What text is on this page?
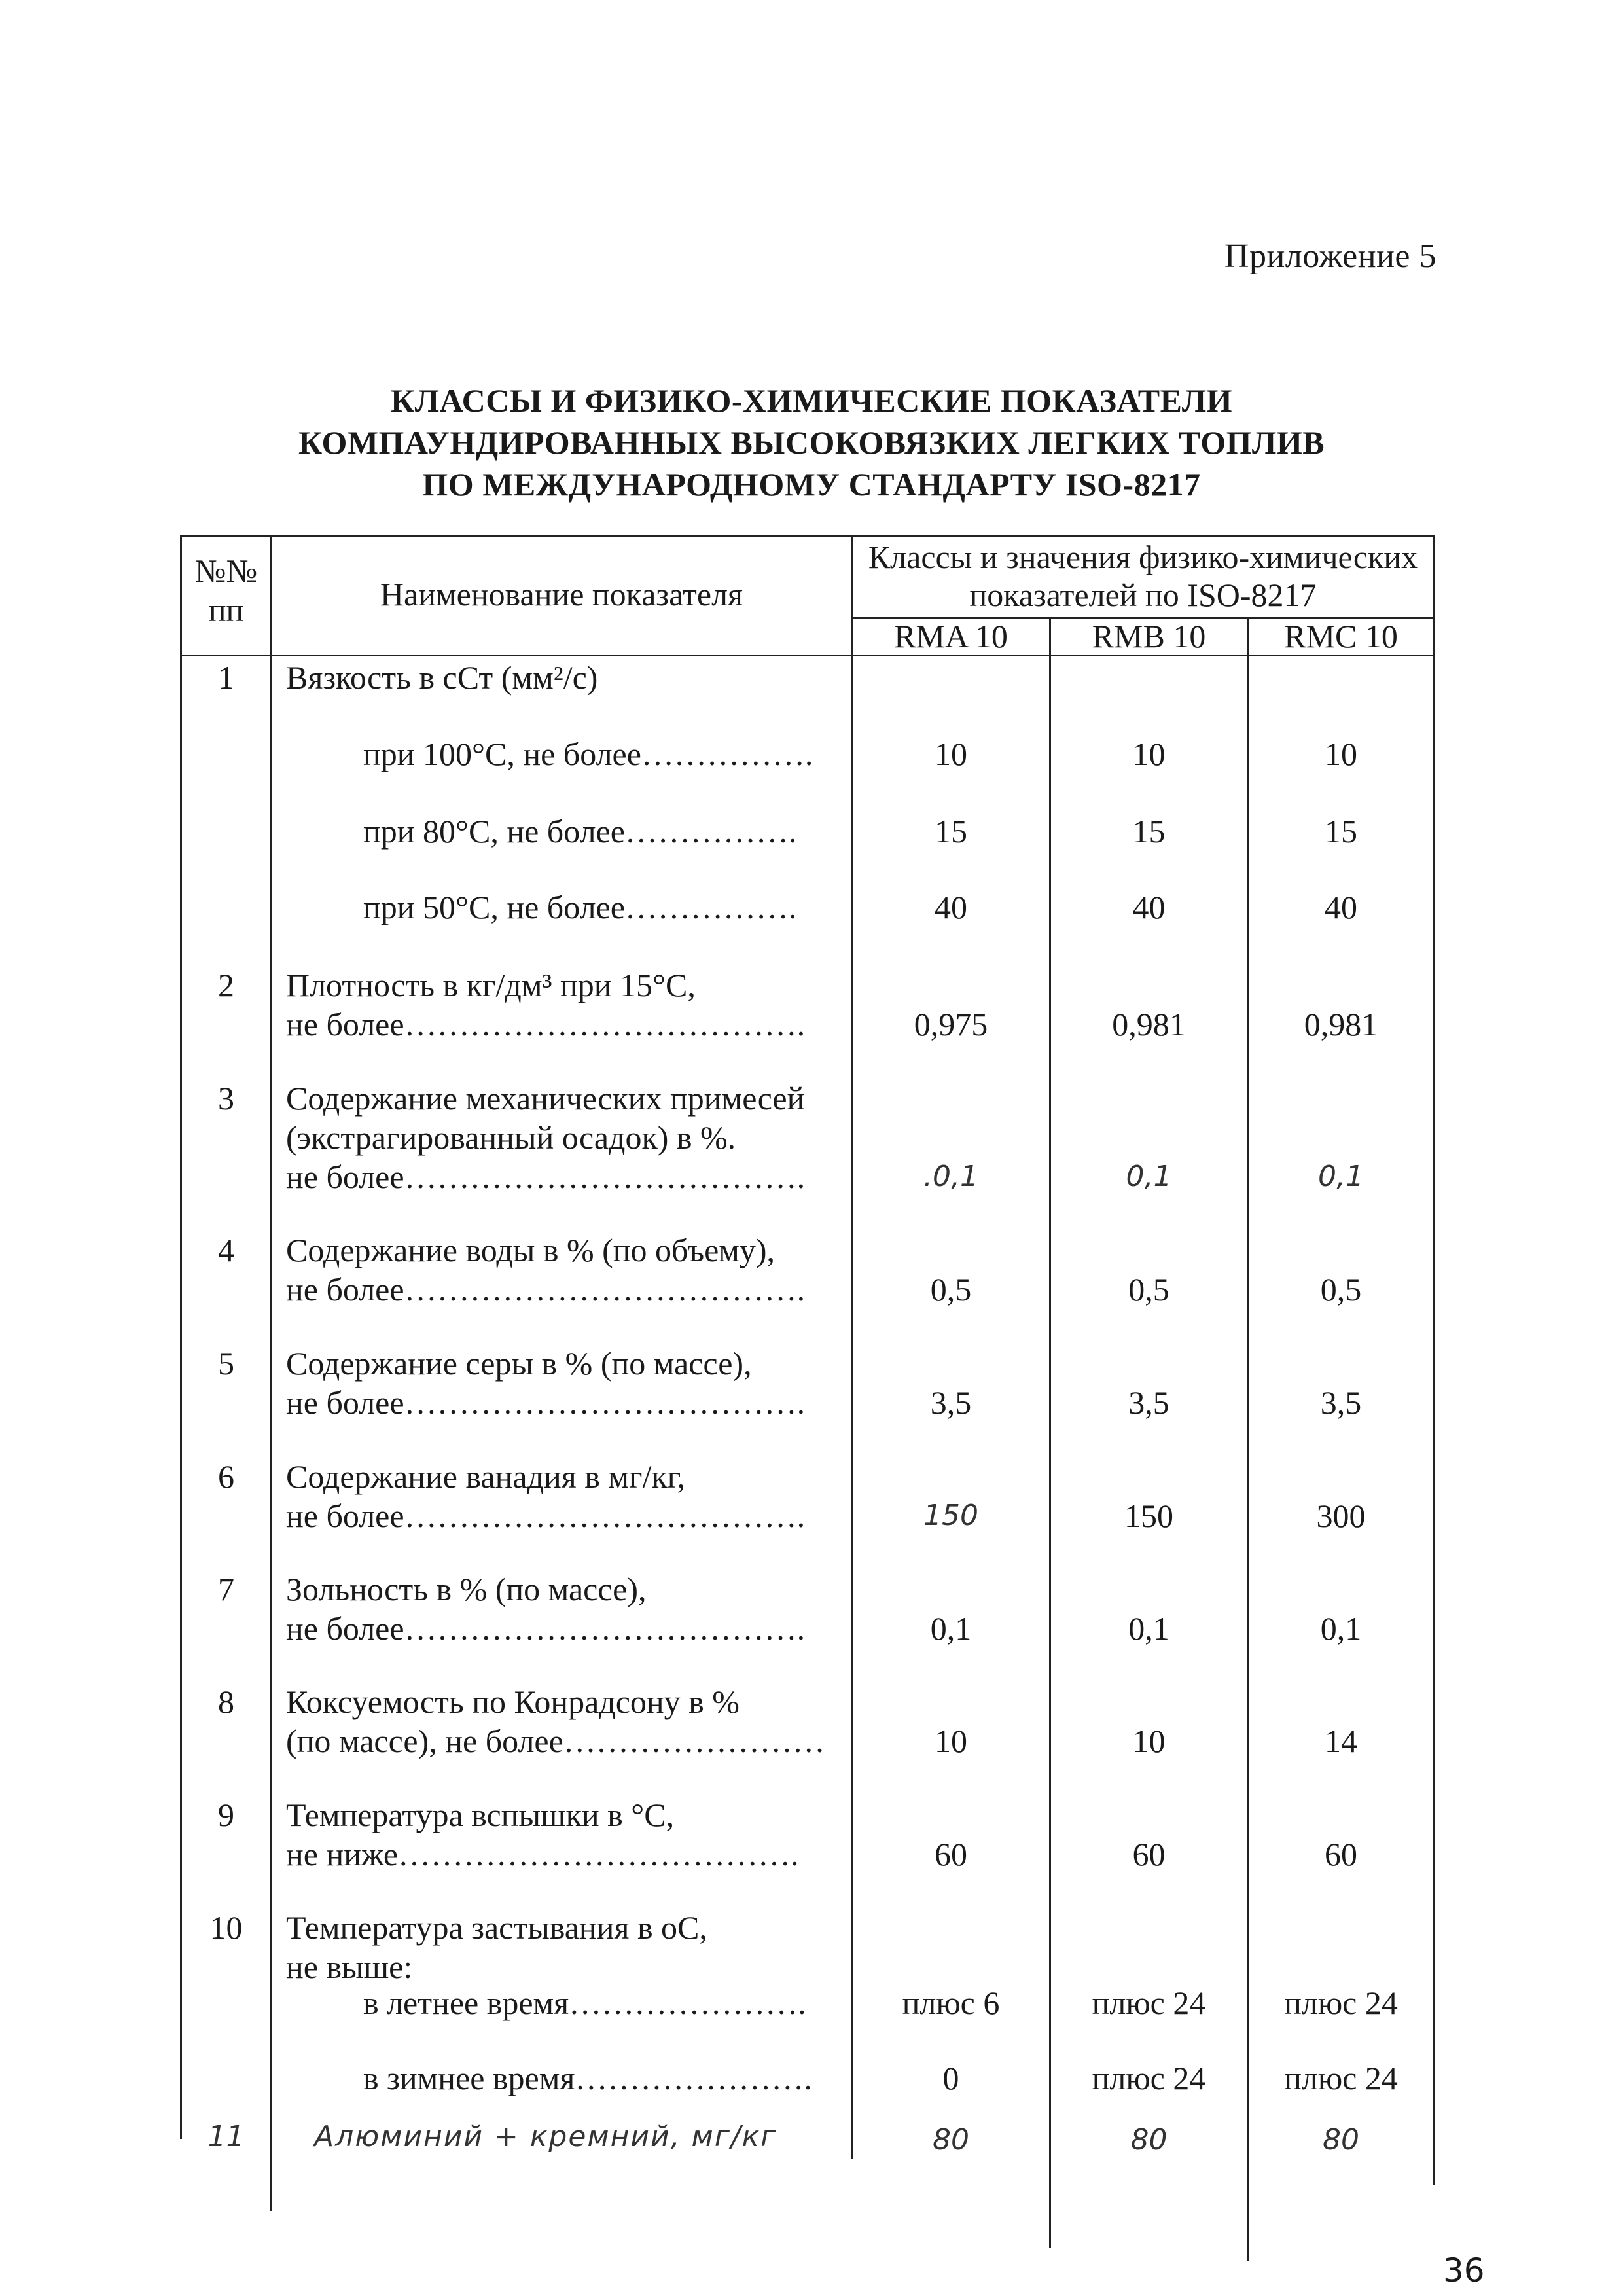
Приложение 5
КЛАССЫ И ФИЗИКО-ХИМИЧЕСКИЕ ПОКАЗАТЕЛИ
КОМПАУНДИРОВАННЫХ ВЫСОКОВЯЗКИХ ЛЕГКИХ ТОПЛИВ
ПО МЕЖДУНАРОДНОМУ СТАНДАРТУ ISO-8217
№№
пп	Наименование показателя
Классы и значения физико-химических
показателей по ISO-8217
RMA 10	RMB 10	RMC 10
1	Вязкость в сСт (мм²/с)
при 100°С, не более…………….	10	10	10
при 80°С, не более…………….	15	15	15
при 50°С, не более…………….	40	40	40
2	Плотность в кг/дм³ при 15°С,
не более……………………………….	0,975	0,981	0,981
3	Содержание механических примесей
(экстрагированный осадок) в %.
не более……………………………….	.0,1	0,1	0,1
4	Содержание воды в % (по объему),
не более……………………………….	0,5	0,5	0,5
5	Содержание серы в % (по массе),
не более……………………………….	3,5	3,5	3,5
6	Содержание ванадия в мг/кг,
не более……………………………….	150	150	300
7	Зольность в % (по массе),
не более……………………………….	0,1	0,1	0,1
8	Коксуемость по Конрадсону в %
(по массе), не более……………………	10	10	14
9	Температура вспышки в °С,
не ниже……………………………….	60	60	60
10	Температура застывания в оС,
не выше:
в летнее время………………….	плюс 6	плюс 24	плюс 24
в зимнее время………………….	0	плюс 24	плюс 24
11	Алюминий + кремний, мг/кг	80	80	80
36
